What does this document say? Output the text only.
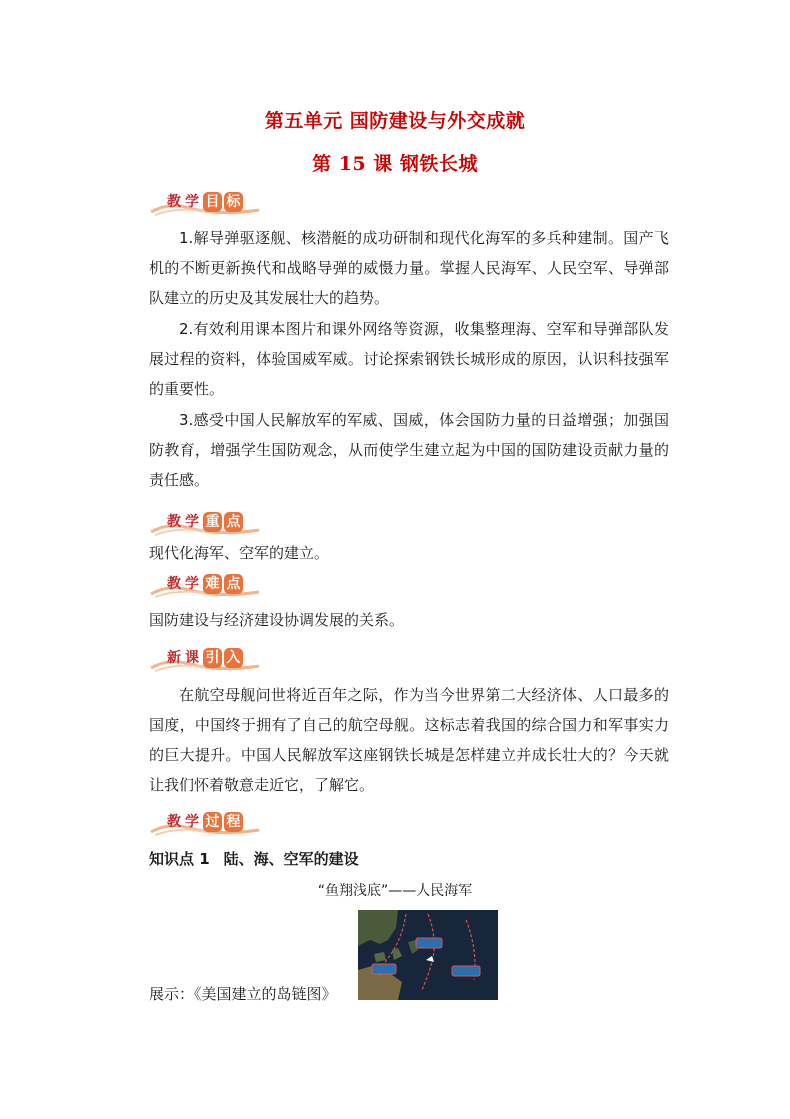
第五单元 国防建设与外交成就
第 15 课 钢铁长城
教 学 目 标

1.解导弹驱逐舰、核潜艇的成功研制和现代化海军的多兵种建制。国产飞机的不断更新换代和战略导弹的威慑力量。掌握人民海军、人民空军、导弹部队建立的历史及其发展壮大的趋势。

2.有效利用课本图片和课外网络等资源，收集整理海、空军和导弹部队发展过程的资料，体验国威军威。讨论探索钢铁长城形成的原因，认识科技强军的重要性。

3.感受中国人民解放军的军威、国威，体会国防力量的日益增强；加强国防教育，增强学生国防观念，从而使学生建立起为中国的国防建设贡献力量的责任感。

教 学 重 点

现代化海军、空军的建立。

教 学 难 点

国防建设与经济建设协调发展的关系。

新 课 引 入

在航空母舰问世将近百年之际，作为当今世界第二大经济体、人口最多的国度，中国终于拥有了自己的航空母舰。这标志着我国的综合国力和军事实力的巨大提升。中国人民解放军这座钢铁长城是怎样建立并成长壮大的？今天就让我们怀着敬意走近它，了解它。

教 学 过 程
知识点 1 陆、海、空军的建设
“鱼翔浅底”——人民海军
展示：《美国建立的岛链图》
